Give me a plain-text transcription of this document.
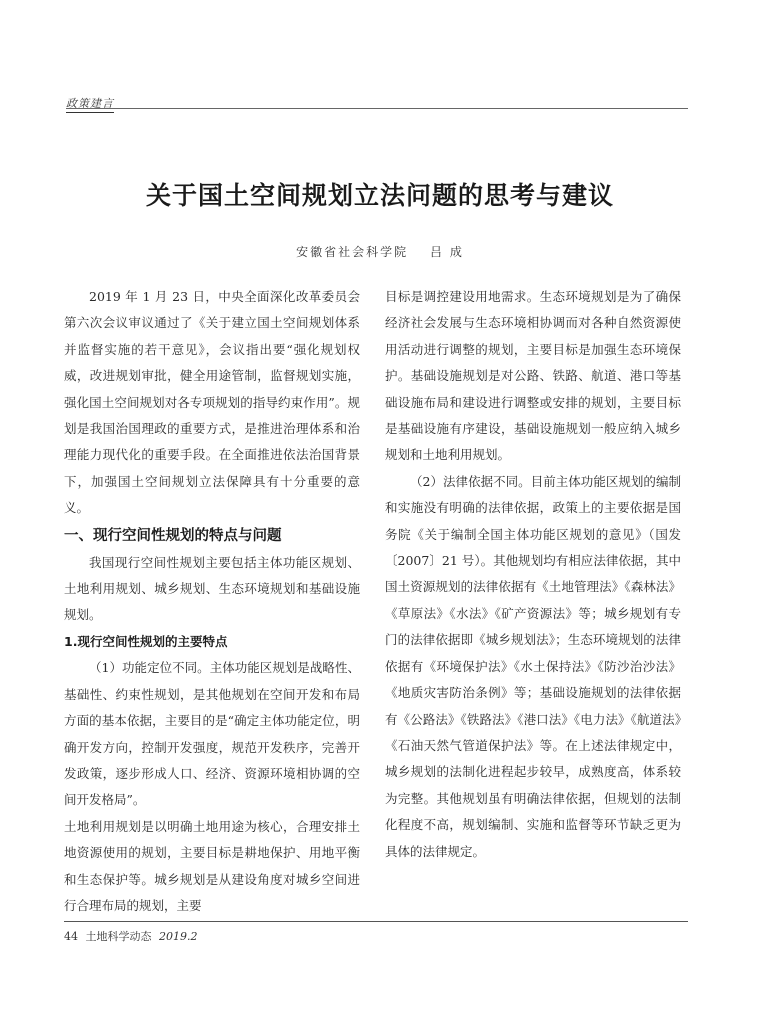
政策建言
关于国土空间规划立法问题的思考与建议
安徽省社会科学院 吕 成

2019 年 1 月 23 日，中央全面深化改革委员会第六次会议审议通过了《关于建立国土空间规划体系并监督实施的若干意见》，会议指出要“强化规划权威，改进规划审批，健全用途管制，监督规划实施，强化国土空间规划对各专项规划的指导约束作用”。规划是我国治国理政的重要方式，是推进治理体系和治理能力现代化的重要手段。在全面推进依法治国背景下，加强国土空间规划立法保障具有十分重要的意义。

一、现行空间性规划的特点与问题

我国现行空间性规划主要包括主体功能区规划、土地利用规划、城乡规划、生态环境规划和基础设施规划。

1.现行空间性规划的主要特点

（1）功能定位不同。主体功能区规划是战略性、基础性、约束性规划，是其他规划在空间开发和布局方面的基本依据，主要目的是“确定主体功能定位，明确开发方向，控制开发强度，规范开发秩序，完善开发政策，逐步形成人口、经济、资源环境相协调的空间开发格局”。

土地利用规划是以明确土地用途为核心，合理安排土地资源使用的规划，主要目标是耕地保护、用地平衡和生态保护等。城乡规划是从建设角度对城乡空间进行合理布局的规划，主要

目标是调控建设用地需求。生态环境规划是为了确保经济社会发展与生态环境相协调而对各种自然资源使用活动进行调整的规划，主要目标是加强生态环境保护。基础设施规划是对公路、铁路、航道、港口等基础设施布局和建设进行调整或安排的规划，主要目标是基础设施有序建设，基础设施规划一般应纳入城乡规划和土地利用规划。

（2）法律依据不同。目前主体功能区规划的编制和实施没有明确的法律依据，政策上的主要依据是国务院《关于编制全国主体功能区规划的意见》（国发〔2007〕21 号）。其他规划均有相应法律依据，其中国土资源规划的法律依据有《土地管理法》《森林法》《草原法》《水法》《矿产资源法》等；城乡规划有专门的法律依据即《城乡规划法》；生态环境规划的法律依据有《环境保护法》《水土保持法》《防沙治沙法》《地质灾害防治条例》等；基础设施规划的法律依据有《公路法》《铁路法》《港口法》《电力法》《航道法》《石油天然气管道保护法》等。在上述法律规定中，城乡规划的法制化进程起步较早，成熟度高，体系较为完整。其他规划虽有明确法律依据，但规划的法制化程度不高，规划编制、实施和监督等环节缺乏更为具体的法律规定。

44 土地科学动态 2019.2
